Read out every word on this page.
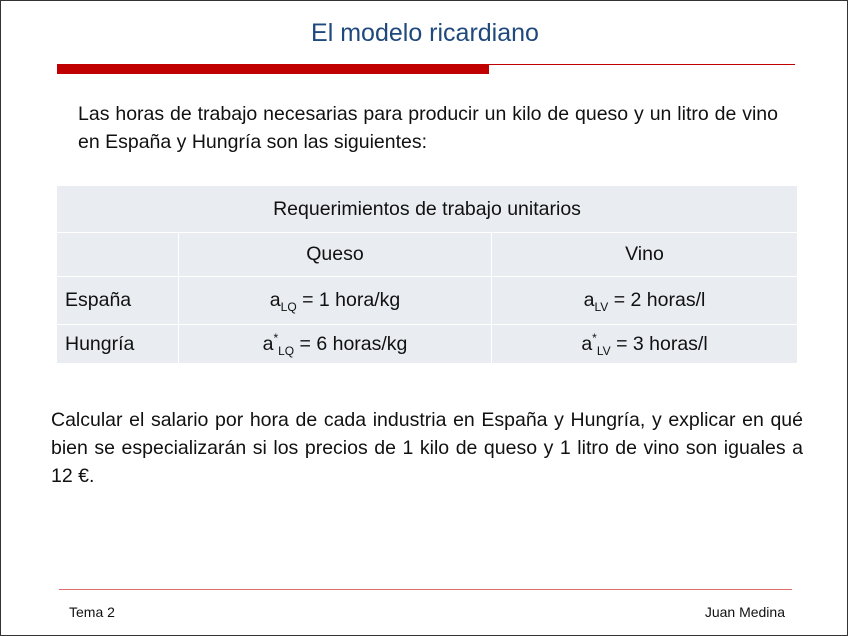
El modelo ricardiano
Las horas de trabajo necesarias para producir un kilo de queso y un litro de vino en España y Hungría son las siguientes:
Requerimientos de trabajo unitarios		
	Queso	Vino
España	$a_{LQ} = 1$ hora/kg	$a_{LV} = 2$ horas/l
Hungría	$a^*_{LQ} = 6$ horas/kg	$a^*_{LV} = 3$ horas/l
Calcular el salario por hora de cada industria en España y Hungría, y explicar en qué bien se especializarán si los precios de 1 kilo de queso y 1 litro de vino son iguales a 12 €.
Tema 2	Juan Medina
